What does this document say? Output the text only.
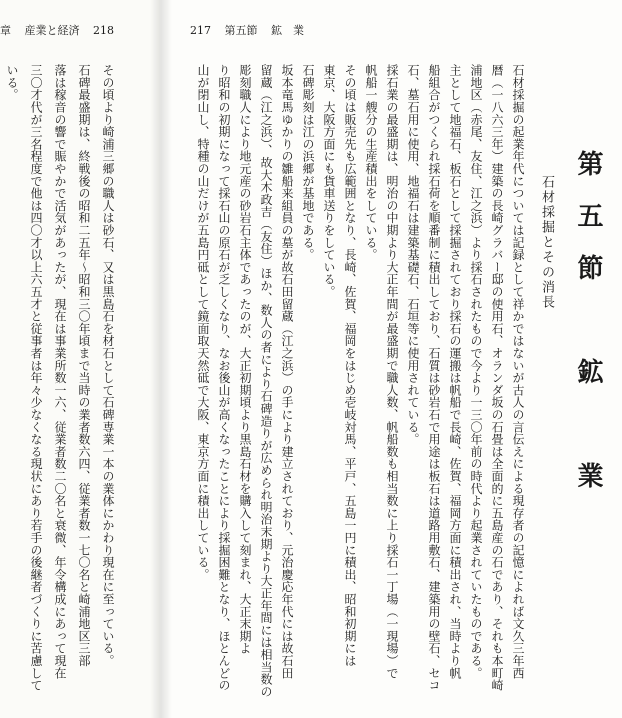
章 産業と経済 218
いる。 三〇才代が三名程度で他は四〇才以上六五才と従事者は年々少なくなる現状にあり若手の後継者づくりに苦慮して 落は稼音の響で賑やかで活気があったが、現在は事業所数一六、従業者数二〇名と衰微、年令構成にあって現在 石碑最盛期は、終戦後の昭和二五年〜昭和三〇年頃まで当時の業者数六四、従業者数一七〇名と崎浦地区三部 その頃より崎浦三郷の職人は砂石、又は黒島石を材石として石碑専業一本の業体にかわり現在に至っている。
217 第五節 鉱　業
第五節　鉱　業
石材採掘とその消長
石材採掘の起業年代については記録として祥かではないが古人の言伝えによる現存者の記憶によれば文久三年西
暦（一八六三年）建築の長崎グラバー邸の使用石、オランダ坂の石畳は全面的に五島産の石であり、それも本町崎
浦地区（赤尾、友住、江之浜）より採石されたもので今より一三〇年前の時代より起業されていたものである。
主として地福石、板石として採掘されており採石の運搬は帆船で長崎、佐賀、福岡方面に積出され、当時より帆
船組合がつくられ採石荷を順番制に積出しており、石質は砂岩石で用途は板石は道路用敷石、建築用の壁石、セコ
石、墓石用に使用、地福石は建築基礎石、石垣等に使用されている。
採石業の最盛期は、明治の中期より大正年間が最盛期で職人数、帆船数も相当数に上り採石一丁場（一現場）で
帆船一艘分の生産積出をしている。
その頃は販売先も広範囲となり、長崎、佐賀、福岡をはじめ壱岐対馬、平戸、五島一円に積出、昭和初期には
東京、大阪方面にも貨車送りをしている。
石碑彫刻は江の浜郷が基地である。
坂本竜馬ゆかりの雛船来組員の墓が故石田留蔵（江之浜）の手により建立されており、元治慶応年代には故石田
留蔵（江之浜）、故大木政吉（友住）ほか、数人の者により石碑造りが広められ明治末期より大正年間には相当数の
彫刻職人により地元産の砂岩石主体であったのが、大正初期頃より黒島石材を購入して刻まれ、大正末期よ
り昭和の初期になって採石山の原石が乏しくなり、なお後山が高くなったことにより採掘困難となり、ほとんどの
山が閉山し、特種の山だけが五島円砥として鏡面取天然砥で大阪、東京方面に積出している。
